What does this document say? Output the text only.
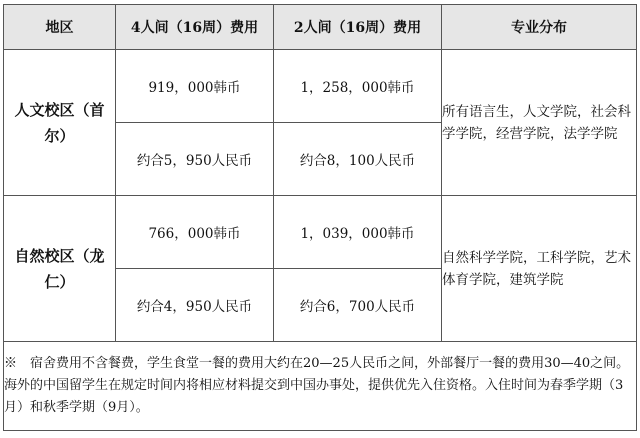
地区	4人间（16周）费用	2人间（16周）费用	专业分布
人文校区（首尔）	919，000韩币	1，258，000韩币	所有语言生，人文学院，社会科学学院，经营学院，法学学院
	约合5，950人民币	约合8，100人民币	
自然校区（龙仁）	766，000韩币	1，039，000韩币	自然科学学院，工科学院，艺术体育学院，建筑学院
	约合4，950人民币	约合6，700人民币	
※　宿舍费用不含餐费，学生食堂一餐的费用大约在20—25人民币之间，外部餐厅一餐的费用30—40之间。海外的中国留学生在规定时间内将相应材料提交到中国办事处，提供优先入住资格。入住时间为春季学期（3月）和秋季学期（9月）。			
